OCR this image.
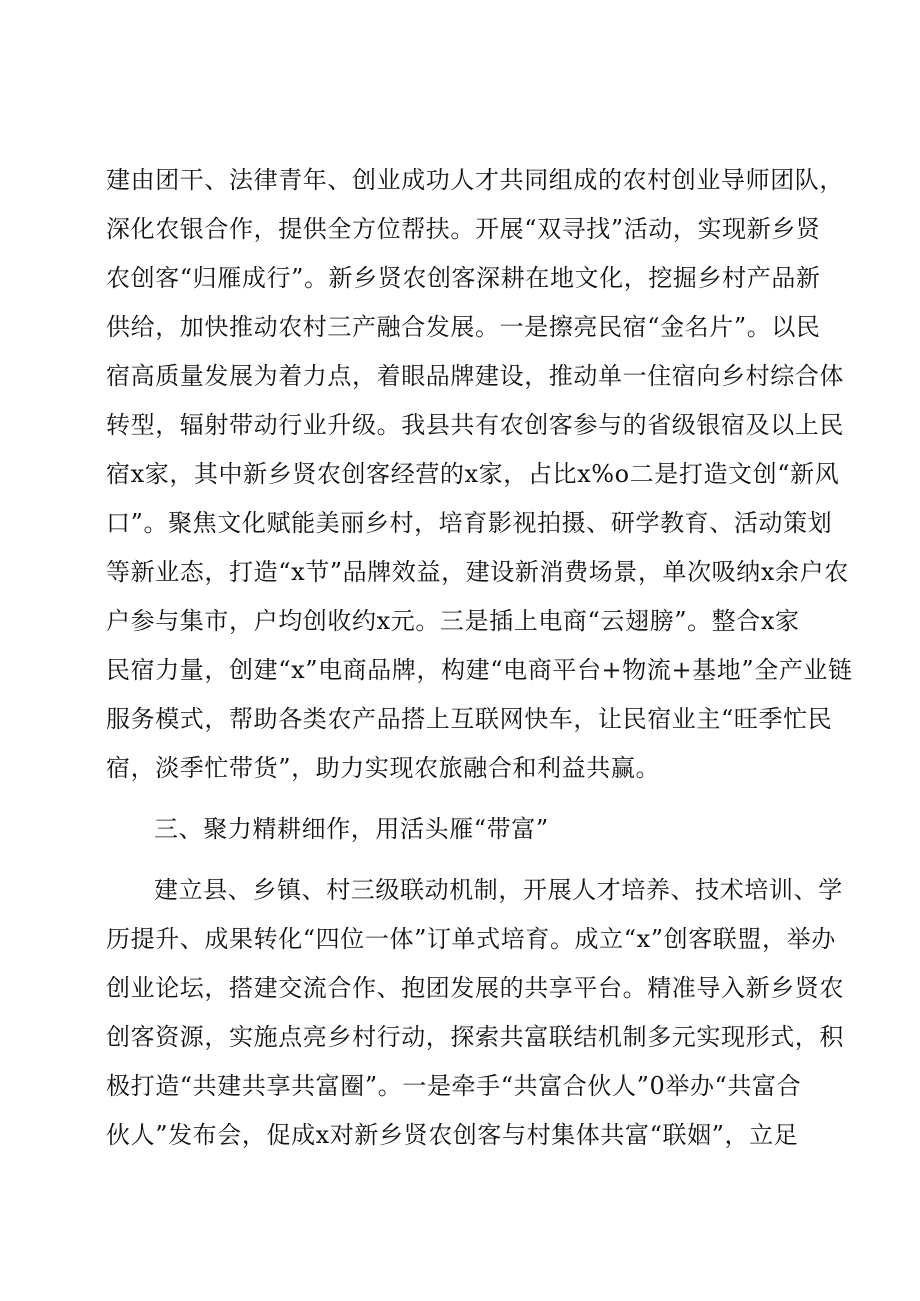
建由团干、法律青年、创业成功人才共同组成的农村创业导师团队，
深化农银合作，提供全方位帮扶。开展“双寻找”活动，实现新乡贤
农创客“归雁成行”。新乡贤农创客深耕在地文化，挖掘乡村产品新
供给，加快推动农村三产融合发展。一是擦亮民宿“金名片”。以民
宿高质量发展为着力点，着眼品牌建设，推动单一住宿向乡村综合体
转型，辐射带动行业升级。我县共有农创客参与的省级银宿及以上民
宿x家，其中新乡贤农创客经营的x家，占比x%o二是打造文创“新风
口”。聚焦文化赋能美丽乡村，培育影视拍摄、研学教育、活动策划
等新业态，打造“x节”品牌效益，建设新消费场景，单次吸纳x余户农
户参与集市，户均创收约x元。三是插上电商“云翅膀”。整合x家
民宿力量，创建“x”电商品牌，构建“电商平台+物流+基地”全产业链
服务模式，帮助各类农产品搭上互联网快车，让民宿业主“旺季忙民
宿，淡季忙带货”，助力实现农旅融合和利益共赢。
三、聚力精耕细作，用活头雁“带富”
建立县、乡镇、村三级联动机制，开展人才培养、技术培训、学
历提升、成果转化“四位一体”订单式培育。成立“x”创客联盟，举办
创业论坛，搭建交流合作、抱团发展的共享平台。精准导入新乡贤农
创客资源，实施点亮乡村行动，探索共富联结机制多元实现形式，积
极打造“共建共享共富圈”。一是牵手“共富合伙人”0举办“共富合
伙人”发布会，促成x对新乡贤农创客与村集体共富“联姻”，立足
